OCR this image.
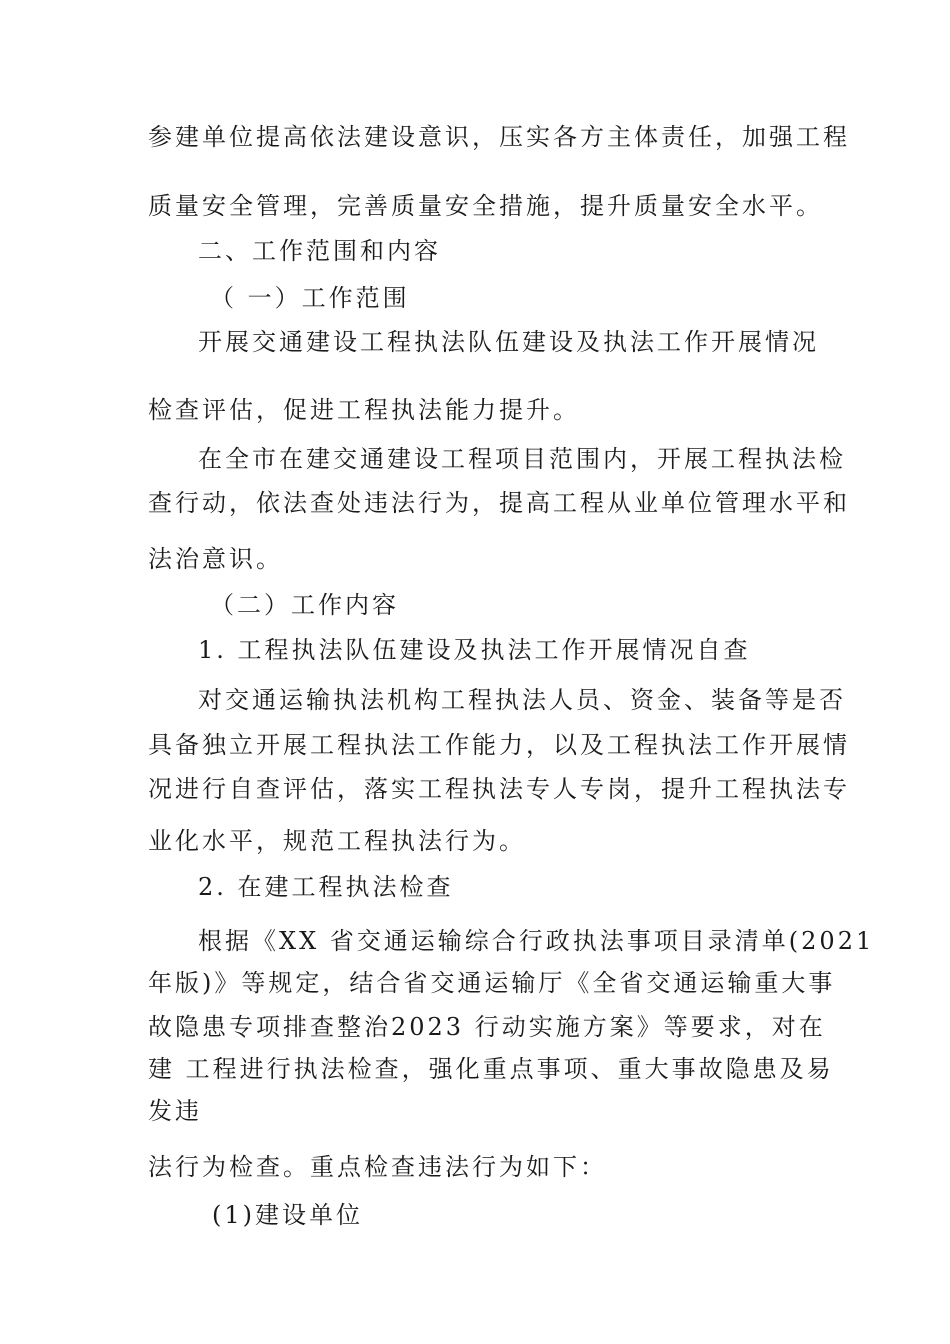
参建单位提高依法建设意识，压实各方主体责任，加强工程
质量安全管理，完善质量安全措施，提升质量安全水平。
二、工作范围和内容
（ 一）工作范围
开展交通建设工程执法队伍建设及执法工作开展情况
检查评估，促进工程执法能力提升。
在全市在建交通建设工程项目范围内，开展工程执法检
查行动，依法查处违法行为，提高工程从业单位管理水平和
法治意识。
（二）工作内容
1. 工程执法队伍建设及执法工作开展情况自查
对交通运输执法机构工程执法人员、资金、装备等是否
具备独立开展工程执法工作能力，以及工程执法工作开展情
况进行自查评估，落实工程执法专人专岗，提升工程执法专
业化水平，规范工程执法行为。
2. 在建工程执法检查
根据《XX 省交通运输综合行政执法事项目录清单(2021
年版)》等规定，结合省交通运输厅《全省交通运输重大事
故隐患专项排查整治2023 行动实施方案》等要求，对在
建 工程进行执法检查，强化重点事项、重大事故隐患及易
发违
法行为检查。重点检查违法行为如下：
(1)建设单位
